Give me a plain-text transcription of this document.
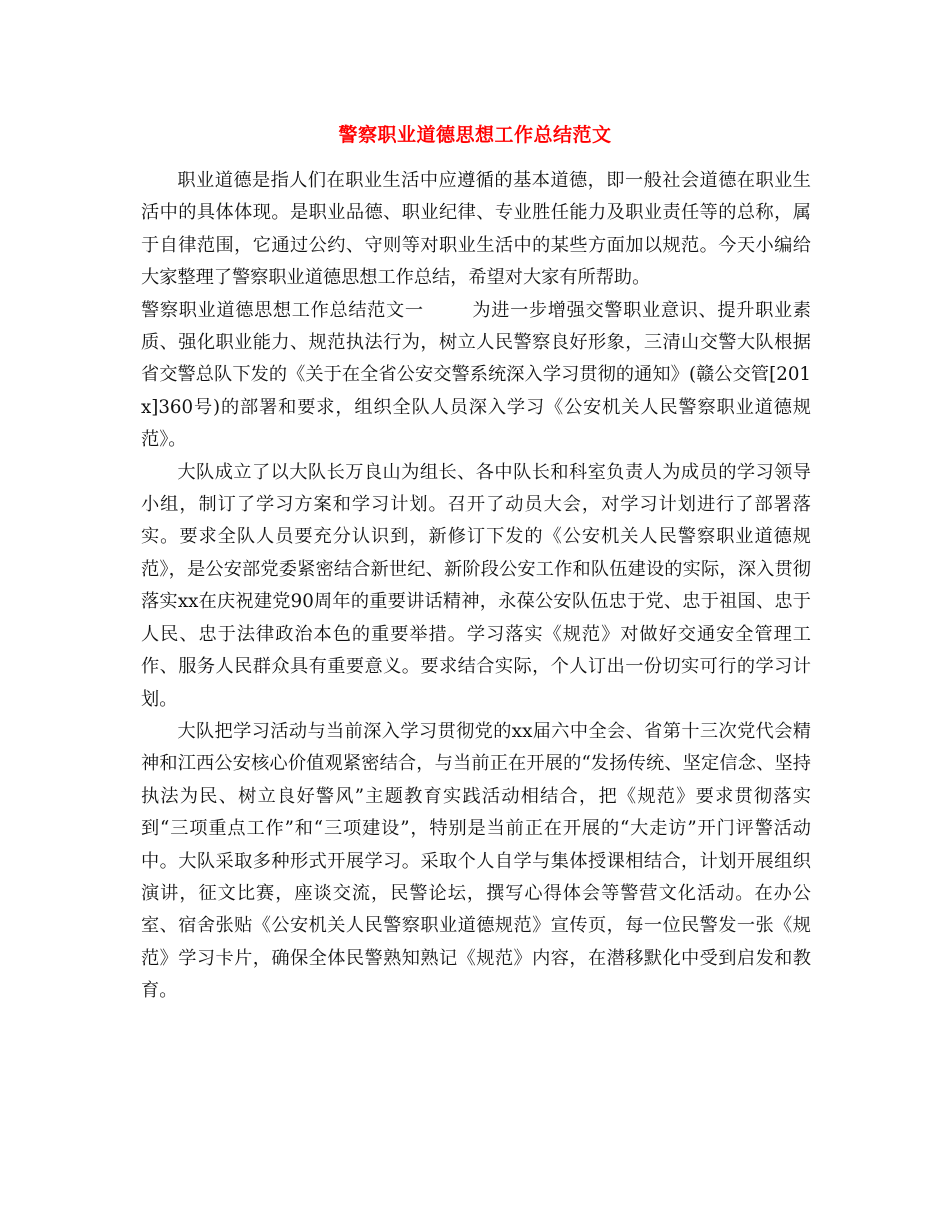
警察职业道德思想工作总结范文

职业道德是指人们在职业生活中应遵循的基本道德，即一般社会道德在职业生活中的具体体现。是职业品德、职业纪律、专业胜任能力及职业责任等的总称，属于自律范围，它通过公约、守则等对职业生活中的某些方面加以规范。今天小编给大家整理了警察职业道德思想工作总结，希望对大家有所帮助。

警察职业道德思想工作总结范文一	为进一步增强交警职业意识、提升职业素质、强化职业能力、规范执法行为，树立人民警察良好形象，三清山交警大队根据省交警总队下发的《关于在全省公安交警系统深入学习贯彻的通知》(赣公交管[201x]360号)的部署和要求，组织全队人员深入学习《公安机关人民警察职业道德规范》。

大队成立了以大队长万良山为组长、各中队长和科室负责人为成员的学习领导小组，制订了学习方案和学习计划。召开了动员大会，对学习计划进行了部署落实。要求全队人员要充分认识到，新修订下发的《公安机关人民警察职业道德规范》，是公安部党委紧密结合新世纪、新阶段公安工作和队伍建设的实际，深入贯彻落实xx在庆祝建党90周年的重要讲话精神，永葆公安队伍忠于党、忠于祖国、忠于人民、忠于法律政治本色的重要举措。学习落实《规范》对做好交通安全管理工作、服务人民群众具有重要意义。要求结合实际，个人订出一份切实可行的学习计划。

大队把学习活动与当前深入学习贯彻党的xx届六中全会、省第十三次党代会精神和江西公安核心价值观紧密结合，与当前正在开展的“发扬传统、坚定信念、坚持执法为民、树立良好警风”主题教育实践活动相结合，把《规范》要求贯彻落实到“三项重点工作”和“三项建设”，特别是当前正在开展的“大走访”开门评警活动中。大队采取多种形式开展学习。采取个人自学与集体授课相结合，计划开展组织演讲，征文比赛，座谈交流，民警论坛，撰写心得体会等警营文化活动。在办公室、宿舍张贴《公安机关人民警察职业道德规范》宣传页，每一位民警发一张《规范》学习卡片，确保全体民警熟知熟记《规范》内容，在潜移默化中受到启发和教育。
